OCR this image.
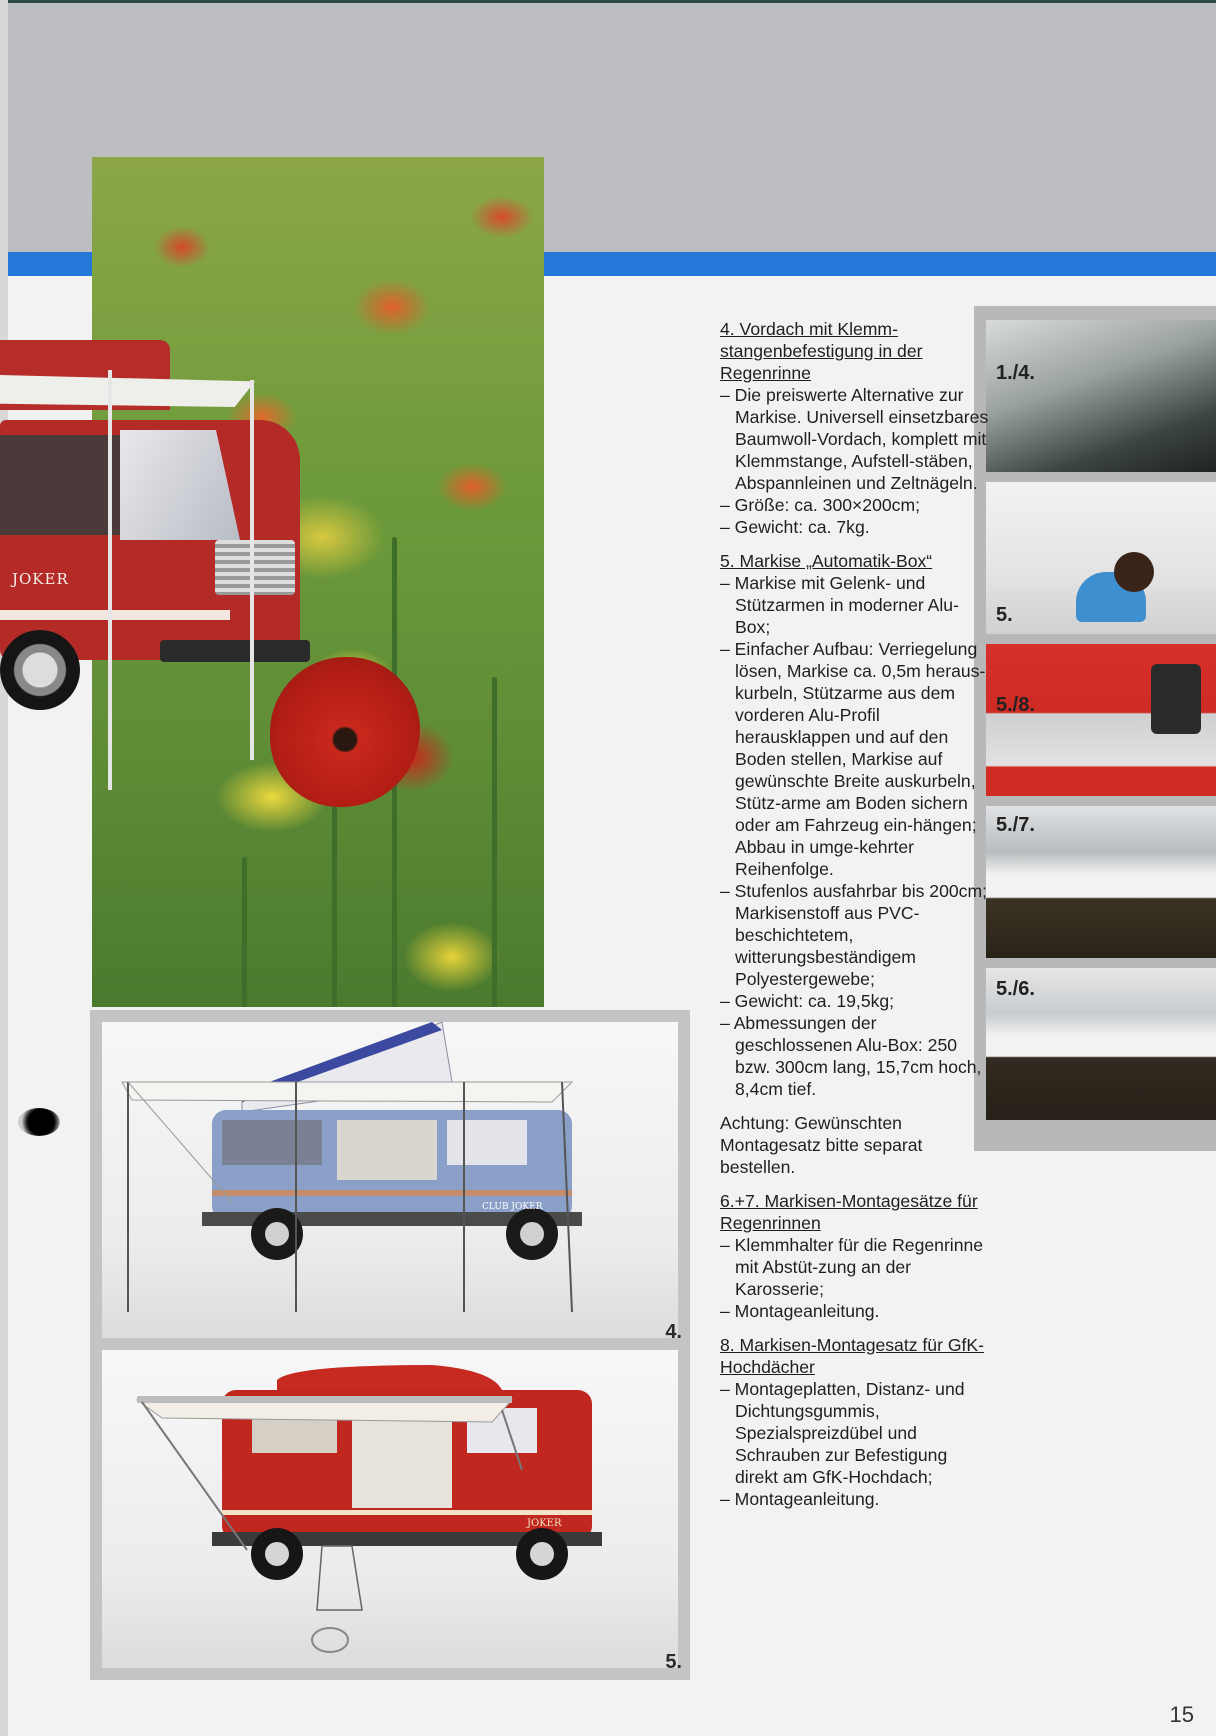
JOKER
CLUB JOKER
4.
JOKER
5.
1./4.
5.
5./8.
5./7.
5./6.
4. Vordach mit Klemm-stangenbefestigung in der Regenrinne
– Die preiswerte Alternative zur Markise. Universell einsetzbares Baumwoll-Vordach, komplett mit Klemmstange, Aufstell-stäben, Abspannleinen und Zeltnägeln.
– Größe: ca. 300×200cm;
– Gewicht: ca. 7kg.
5. Markise „Automatik-Box“
– Markise mit Gelenk- und Stützarmen in moderner Alu-Box;
– Einfacher Aufbau: Verriegelung lösen, Markise ca. 0,5m heraus-kurbeln, Stützarme aus dem vorderen Alu-Profil herausklappen und auf den Boden stellen, Markise auf gewünschte Breite auskurbeln, Stütz-arme am Boden sichern oder am Fahrzeug ein-hängen; Abbau in umge-kehrter Reihenfolge.
– Stufenlos ausfahrbar bis 200cm; Markisenstoff aus PVC-beschichtetem, witterungsbeständigem Polyestergewebe;
– Gewicht: ca. 19,5kg;
– Abmessungen der geschlossenen Alu-Box: 250 bzw. 300cm lang, 15,7cm hoch, 8,4cm tief.
Achtung: Gewünschten Montagesatz bitte separat bestellen.
6.+7. Markisen-Montagesätze für Regenrinnen
– Klemmhalter für die Regenrinne mit Abstüt-zung an der Karosserie;
– Montageanleitung.
8. Markisen-Montagesatz für GfK-Hochdächer
– Montageplatten, Distanz- und Dichtungsgummis, Spezialspreizdübel und Schrauben zur Befestigung direkt am GfK-Hochdach;
– Montageanleitung.
15
